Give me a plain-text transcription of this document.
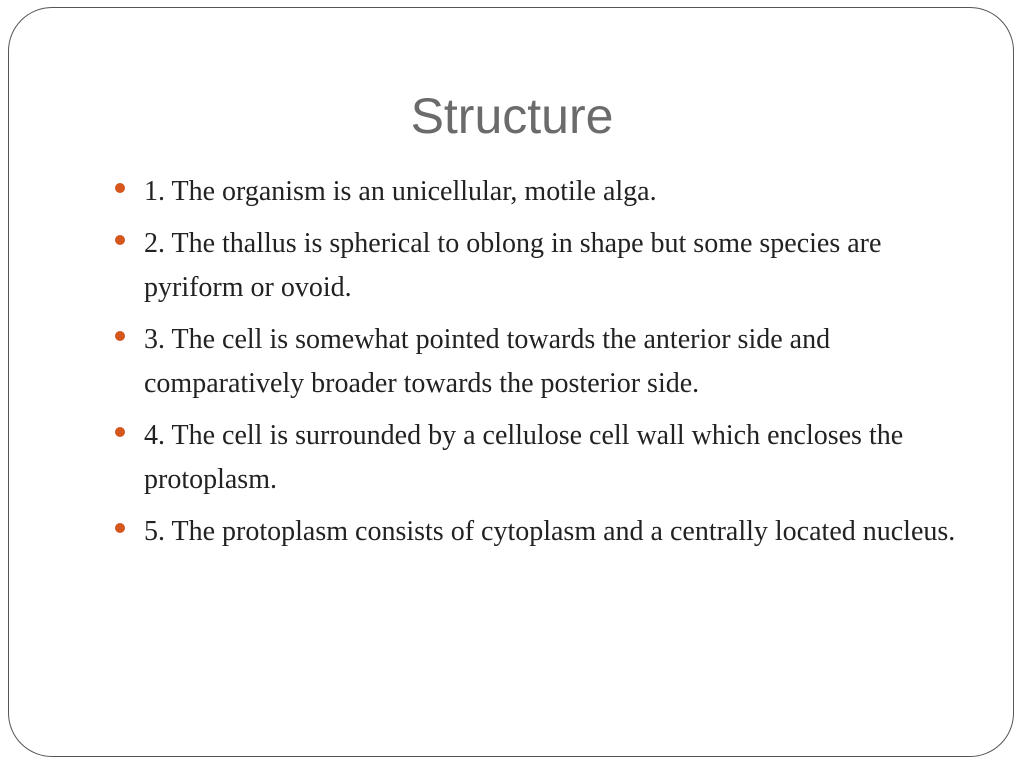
Structure
1. The organism is an unicellular, motile alga.
2. The thallus is spherical to oblong in shape but some species are pyriform or ovoid.
3. The cell is somewhat pointed towards the anterior side and comparatively broader towards the posterior side.
4. The cell is surrounded by a cellulose cell wall which encloses the protoplasm.
5. The protoplasm consists of cytoplasm and a centrally located nucleus.
